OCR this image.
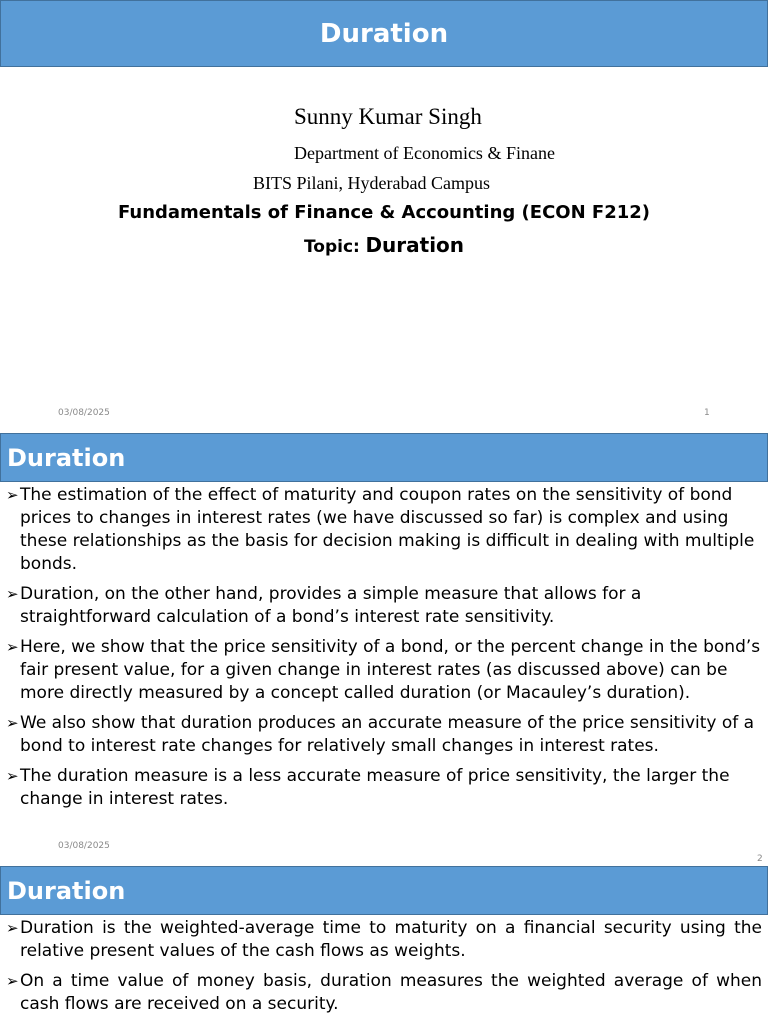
Duration
Sunny Kumar Singh
Department of Economics & Finane
BITS Pilani, Hyderabad Campus
Fundamentals of Finance & Accounting (ECON F212)
Topic: Duration
03/08/2025	1
Duration
➢ The estimation of the effect of maturity and coupon rates on the sensitivity of bond prices to changes in interest rates (we have discussed so far) is complex and using these relationships as the basis for decision making is difficult in dealing with multiple bonds.
➢ Duration, on the other hand, provides a simple measure that allows for a straightforward calculation of a bond’s interest rate sensitivity.
➢ Here, we show that the price sensitivity of a bond, or the percent change in the bond’s fair present value, for a given change in interest rates (as discussed above) can be more directly measured by a concept called duration (or Macauley’s duration).
➢ We also show that duration produces an accurate measure of the price sensitivity of a bond to interest rate changes for relatively small changes in interest rates.
➢ The duration measure is a less accurate measure of price sensitivity, the larger the change in interest rates.
03/08/2025
2
Duration
➢ Duration is the weighted-average time to maturity on a financial security using the relative present values of the cash flows as weights.
➢ On a time value of money basis, duration measures the weighted average of when cash flows are received on a security.
